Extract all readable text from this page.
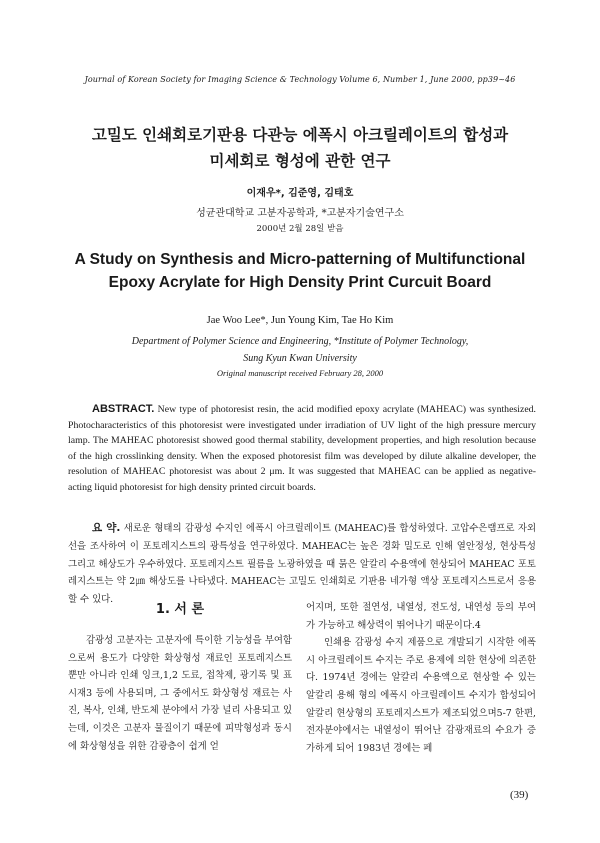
Journal of Korean Society for Imaging Science & Technology Volume 6, Number 1, June 2000, pp39~46
고밀도 인쇄회로기판용 다관능 에폭시 아크릴레이트의 합성과
미세회로 형성에 관한 연구
이재우*, 김준영, 김태호
성균관대학교 고분자공학과, *고분자기술연구소
2000년 2월 28일 받음
A Study on Synthesis and Micro-patterning of Multifunctional
Epoxy Acrylate for High Density Print Curcuit Board
Jae Woo Lee*, Jun Young Kim, Tae Ho Kim
Department of Polymer Science and Engineering, *Institute of Polymer Technology,
Sung Kyun Kwan University
Original manuscript received February 28, 2000
ABSTRACT. New type of photoresist resin, the acid modified epoxy acrylate (MAHEAC) was synthesized. Photocharacteristics of this photoresist were investigated under irradiation of UV light of the high pressure mercury lamp. The MAHEAC photoresist showed good thermal stability, development properties, and high resolution because of the high crosslinking density. When the exposed photoresist film was developed by dilute alkaline developer, the resolution of MAHEAC photoresist was about 2 μm. It was suggested that MAHEAC can be applied as negative-acting liquid photoresist for high density printed circuit boards.
요 약. 새로운 형태의 감광성 수지인 에폭시 아크릴레이트 (MAHEAC)를 합성하였다. 고압수은램프로 자외선을 조사하여 이 포토레지스트의 광특성을 연구하였다. MAHEAC는 높은 경화 밀도로 인해 열안정성, 현상특성 그리고 해상도가 우수하였다. 포토레지스트 필름을 노광하였을 때 묽은 알칼리 수용액에 현상되어 MAHEAC 포토레지스트는 약 2㎛ 해상도를 나타냈다. MAHEAC는 고밀도 인쇄회로 기판용 네가형 액상 포토레지스트로서 응용할 수 있다.
1. 서 론

감광성 고분자는 고분자에 특이한 기능성을 부여함으로써 용도가 다양한 화상형성 재료인 포토레지스트 뿐만 아니라 인쇄 잉크,1,2 도료, 접착제, 광기록 및 표시재3 등에 사용되며, 그 중에서도 화상형성 재료는 사진, 복사, 인쇄, 반도체 분야에서 가장 널리 사용되고 있는데, 이것은 고분자 물질이기 때문에 피막형성과 동시에 화상형성을 위한 감광층이 쉽게 얻

어지며, 또한 절연성, 내열성, 전도성, 내연성 등의 부여가 가능하고 해상력이 뛰어나기 때문이다.4

인쇄용 감광성 수지 제품으로 개발되기 시작한 에폭시 아크릴레이트 수지는 주로 용제에 의한 현상에 의존한다. 1974년 경에는 알칼리 수용액으로 현상할 수 있는 알칼리 용해 형의 에폭시 아크릴레이트 수지가 합성되어 알칼리 현상형의 포토레지스트가 제조되었으며5-7 한편, 전자분야에서는 내열성이 뛰어난 감광재료의 수요가 증가하게 되어 1983년 경에는 페

(39)
